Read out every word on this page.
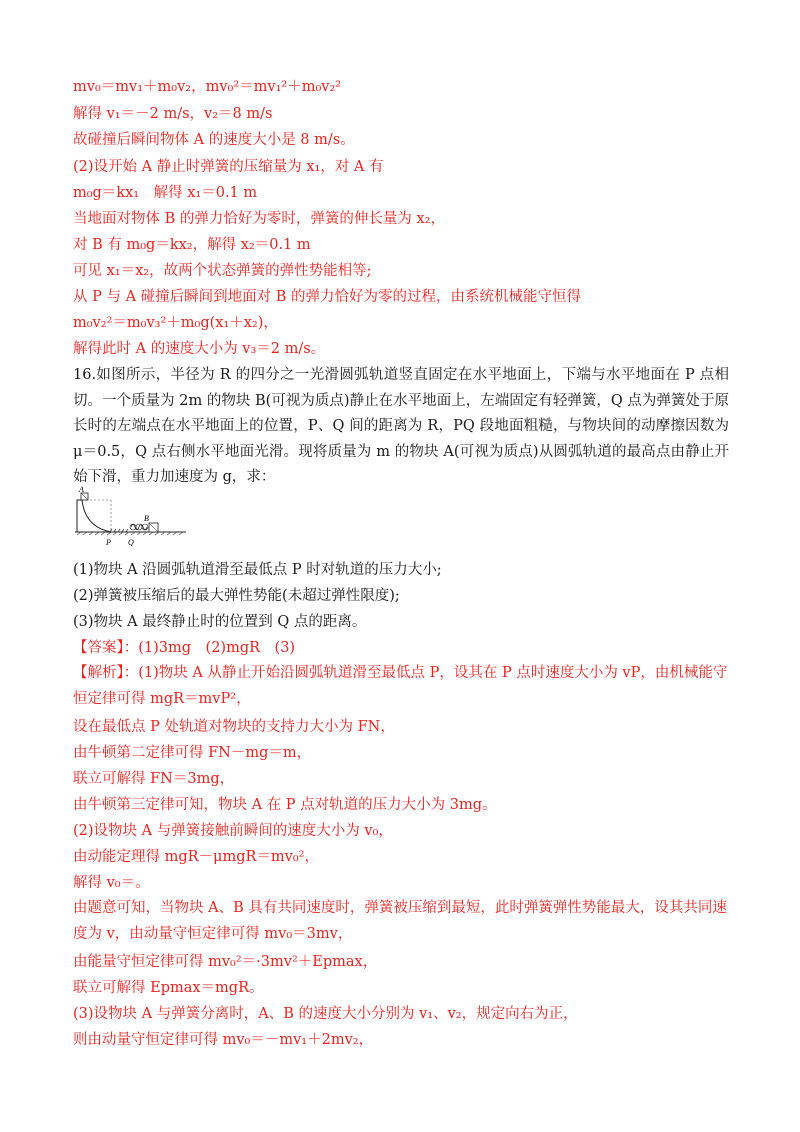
mv₀＝mv₁＋m₀v₂，mv₀²＝mv₁²＋m₀v₂²

解得 v₁＝－2 m/s，v₂＝8 m/s

故碰撞后瞬间物体 A 的速度大小是 8 m/s。

(2)设开始 A 静止时弹簧的压缩量为 x₁，对 A 有

m₀g＝kx₁　解得 x₁＝0.1 m

当地面对物体 B 的弹力恰好为零时，弹簧的伸长量为 x₂，

对 B 有 m₀g＝kx₂，解得 x₂＝0.1 m

可见 x₁＝x₂，故两个状态弹簧的弹性势能相等;

从 P 与 A 碰撞后瞬间到地面对 B 的弹力恰好为零的过程，由系统机械能守恒得

m₀v₂²＝m₀v₃²＋m₀g(x₁＋x₂)，

解得此时 A 的速度大小为 v₃＝2 m/s。

16.如图所示，半径为 R 的四分之一光滑圆弧轨道竖直固定在水平地面上，下端与水平地面在 P 点相切。一个质量为 2m 的物块 B(可视为质点)静止在水平地面上，左端固定有轻弹簧，Q 点为弹簧处于原长时的左端点在水平地面上的位置，P、Q 间的距离为 R，PQ 段地面粗糙，与物块间的动摩擦因数为 μ＝0.5，Q 点右侧水平地面光滑。现将质量为 m 的物块 A(可视为质点)从圆弧轨道的最高点由静止开始下滑，重力加速度为 g，求：

A
B
P Q

(1)物块 A 沿圆弧轨道滑至最低点 P 时对轨道的压力大小;

(2)弹簧被压缩后的最大弹性势能(未超过弹性限度);

(3)物块 A 最终静止时的位置到 Q 点的距离。

【答案】：(1)3mg　(2)mgR　(3)

【解析】：(1)物块 A 从静止开始沿圆弧轨道滑至最低点 P，设其在 P 点时速度大小为 vP，由机械能守恒定律可得 mgR＝mvP²，

设在最低点 P 处轨道对物块的支持力大小为 FN，

由牛顿第二定律可得 FN－mg＝m，

联立可解得 FN＝3mg，

由牛顿第三定律可知，物块 A 在 P 点对轨道的压力大小为 3mg。

(2)设物块 A 与弹簧接触前瞬间的速度大小为 v₀，

由动能定理得 mgR－μmgR＝mv₀²，

解得 v₀＝。

由题意可知，当物块 A、B 具有共同速度时，弹簧被压缩到最短，此时弹簧弹性势能最大，设其共同速度为 v，由动量守恒定律可得 mv₀＝3mv，

由能量守恒定律可得 mv₀²＝·3mv²＋Epmax，

联立可解得 Epmax＝mgR。

(3)设物块 A 与弹簧分离时，A、B 的速度大小分别为 v₁、v₂，规定向右为正，

则由动量守恒定律可得 mv₀＝－mv₁＋2mv₂，
